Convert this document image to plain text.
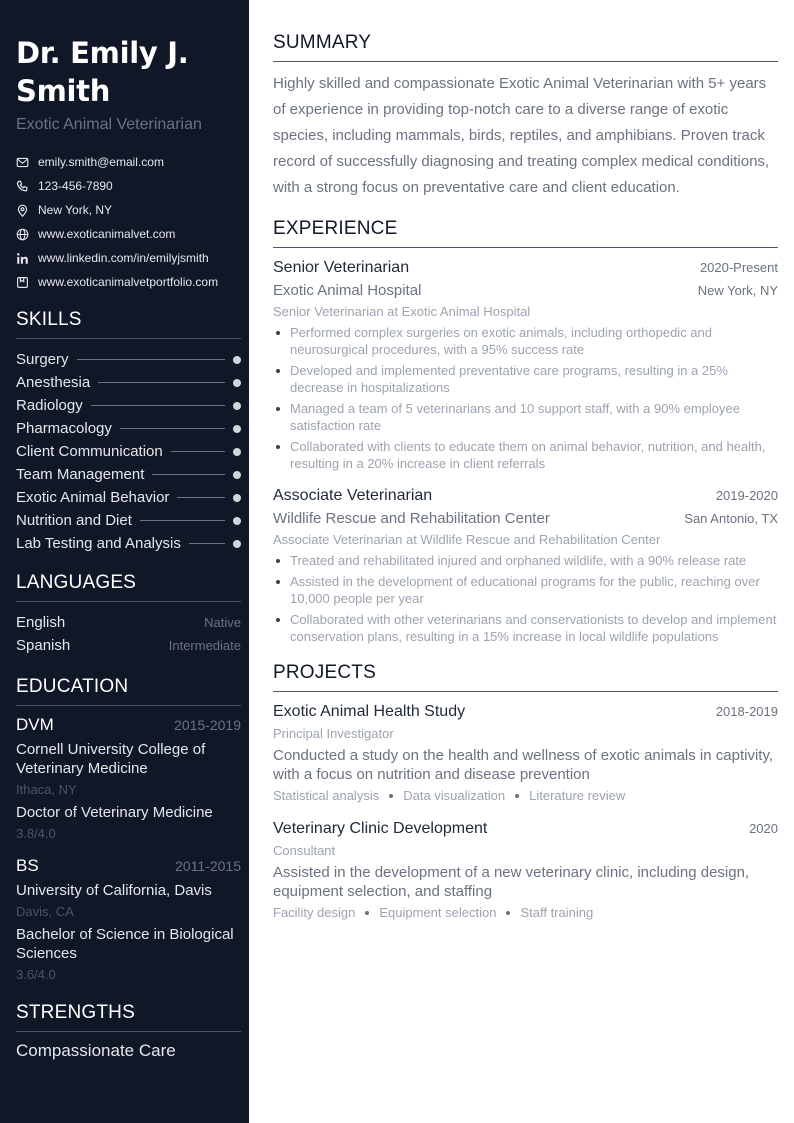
Dr. Emily J. Smith
Exotic Animal Veterinarian
emily.smith@email.com
123-456-7890
New York, NY
www.exoticanimalvet.com
www.linkedin.com/in/emilyjsmith
www.exoticanimalvetportfolio.com
SKILLS
Surgery
Anesthesia
Radiology
Pharmacology
Client Communication
Team Management
Exotic Animal Behavior
Nutrition and Diet
Lab Testing and Analysis
LANGUAGES
English	Native
Spanish	Intermediate
EDUCATION
DVM	2015-2019
Cornell University College of Veterinary Medicine
Ithaca, NY
Doctor of Veterinary Medicine
3.8/4.0
BS	2011-2015
University of California, Davis
Davis, CA
Bachelor of Science in Biological Sciences
3.6/4.0
STRENGTHS
Compassionate Care
SUMMARY
Highly skilled and compassionate Exotic Animal Veterinarian with 5+ years of experience in providing top-notch care to a diverse range of exotic species, including mammals, birds, reptiles, and amphibians. Proven track record of successfully diagnosing and treating complex medical conditions, with a strong focus on preventative care and client education.
EXPERIENCE
Senior Veterinarian	2020-Present
Exotic Animal Hospital	New York, NY
Senior Veterinarian at Exotic Animal Hospital
Performed complex surgeries on exotic animals, including orthopedic and neurosurgical procedures, with a 95% success rate
Developed and implemented preventative care programs, resulting in a 25% decrease in hospitalizations
Managed a team of 5 veterinarians and 10 support staff, with a 90% employee satisfaction rate
Collaborated with clients to educate them on animal behavior, nutrition, and health, resulting in a 20% increase in client referrals
Associate Veterinarian	2019-2020
Wildlife Rescue and Rehabilitation Center	San Antonio, TX
Associate Veterinarian at Wildlife Rescue and Rehabilitation Center
Treated and rehabilitated injured and orphaned wildlife, with a 90% release rate
Assisted in the development of educational programs for the public, reaching over 10,000 people per year
Collaborated with other veterinarians and conservationists to develop and implement conservation plans, resulting in a 15% increase in local wildlife populations
PROJECTS
Exotic Animal Health Study	2018-2019
Principal Investigator
Conducted a study on the health and wellness of exotic animals in captivity, with a focus on nutrition and disease prevention
Statistical analysis Data visualization Literature review
Veterinary Clinic Development	2020
Consultant
Assisted in the development of a new veterinary clinic, including design, equipment selection, and staffing
Facility design Equipment selection Staff training
